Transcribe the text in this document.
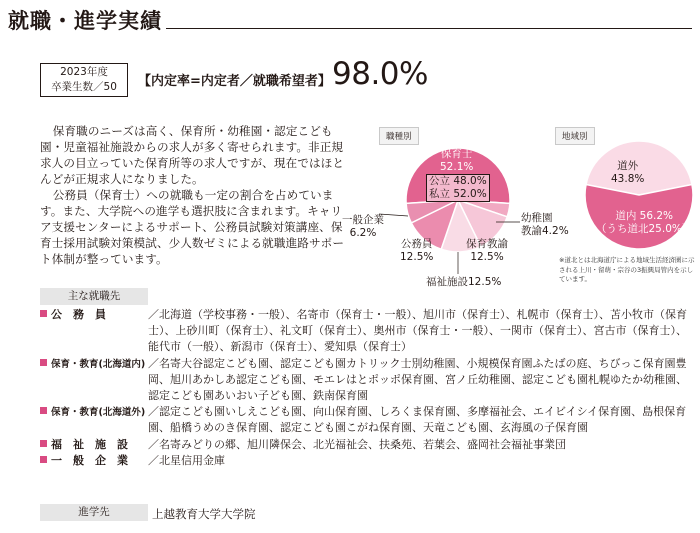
就職・進学実績
2023年度
卒業生数／50	【内定率=内定者／就職希望者】 98.0%

保育職のニーズは高く、保育所・幼稚園・認定こども園・児童福祉施設からの求人が多く寄せられます。非正規求人の目立っていた保育所等の求人ですが、現在ではほとんどが正規求人になりました。

公務員（保育士）への就職も一定の割合を占めています。また、大学院への進学も選択肢に含まれます。キャリア支援センターによるサポート、公務員試験対策講座、保育士採用試験対策模試、少人数ゼミによる就職進路サポート体制が整っています。

職種別
保育士
52.1%
公立 48.0%
私立 52.0%
幼稚園
教諭4.2%
保育教諭
12.5%
福祉施設12.5%
公務員
12.5%
一般企業
6.2%
地域別
道外
43.8%
道内 56.2%
（うち道北25.0%）
※道北とは北海道庁による地域生活経済圏に示される上川・留萌・宗谷の3振興局管内を示しています。
主な就職先
公　務　員	／北海道（学校事務・一般）、名寄市（保育士・一般）、旭川市（保育士）、札幌市（保育士）、苫小牧市（保育士）、上砂川町（保育士）、礼文町（保育士）、奥州市（保育士・一般）、一関市（保育士）、宮古市（保育士）、能代市（一般）、新潟市（保育士）、愛知県（保育士）
保育・教育(北海道内) ／名寄大谷認定こども園、認定こども園カトリック士別幼稚園、小規模保育園ふたばの庭、ちびっこ保育園豊岡、旭川あかしあ認定こども園、モエレはとポッポ保育園、宮ノ丘幼稚園、認定こども園札幌ゆたか幼稚園、認定こども園あいおい子ども園、鉄南保育園
保育・教育(北海道外) ／認定こども園いしえこども園、向山保育園、しろくま保育園、多摩福祉会、エイビイシイ保育園、島根保育園、船橋うめのき保育園、認定こども園こがね保育園、天竜こども園、玄海風の子保育園
福　祉　施　設	／名寄みどりの郷、旭川隣保会、北光福祉会、扶桑苑、若葉会、盛岡社会福祉事業団
一　般　企　業	／北星信用金庫
進学先	上越教育大学大学院
